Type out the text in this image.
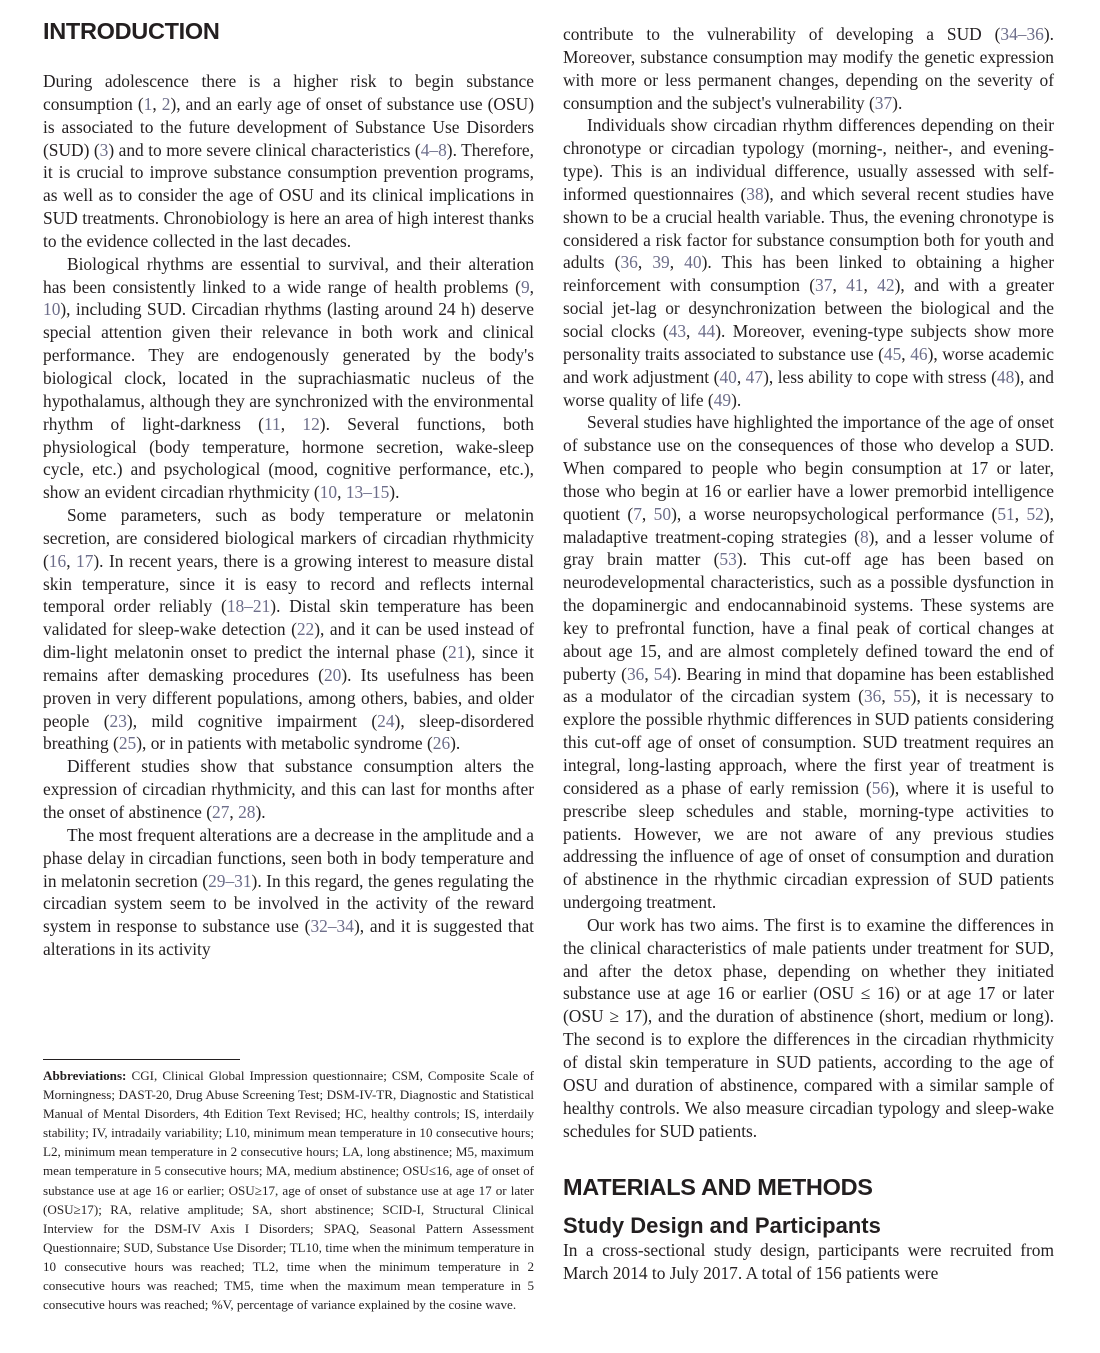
INTRODUCTION

During adolescence there is a higher risk to begin substance consumption (1, 2), and an early age of onset of substance use (OSU) is associated to the future development of Substance Use Disorders (SUD) (3) and to more severe clinical characteristics (4–8). Therefore, it is crucial to improve substance consumption prevention programs, as well as to consider the age of OSU and its clinical implications in SUD treatments. Chronobiology is here an area of high interest thanks to the evidence collected in the last decades.

Biological rhythms are essential to survival, and their alteration has been consistently linked to a wide range of health problems (9, 10), including SUD. Circadian rhythms (lasting around 24 h) deserve special attention given their relevance in both work and clinical performance. They are endogenously generated by the body's biological clock, located in the suprachiasmatic nucleus of the hypothalamus, although they are synchronized with the environmental rhythm of light-darkness (11, 12). Several functions, both physiological (body temperature, hormone secretion, wake-sleep cycle, etc.) and psychological (mood, cognitive performance, etc.), show an evident circadian rhythmicity (10, 13–15).

Some parameters, such as body temperature or melatonin secretion, are considered biological markers of circadian rhythmicity (16, 17). In recent years, there is a growing interest to measure distal skin temperature, since it is easy to record and reflects internal temporal order reliably (18–21). Distal skin temperature has been validated for sleep-wake detection (22), and it can be used instead of dim-light melatonin onset to predict the internal phase (21), since it remains after demasking procedures (20). Its usefulness has been proven in very different populations, among others, babies, and older people (23), mild cognitive impairment (24), sleep-disordered breathing (25), or in patients with metabolic syndrome (26).

Different studies show that substance consumption alters the expression of circadian rhythmicity, and this can last for months after the onset of abstinence (27, 28).

The most frequent alterations are a decrease in the amplitude and a phase delay in circadian functions, seen both in body temperature and in melatonin secretion (29–31). In this regard, the genes regulating the circadian system seem to be involved in the activity of the reward system in response to substance use (32–34), and it is suggested that alterations in its activity

Abbreviations: CGI, Clinical Global Impression questionnaire; CSM, Composite Scale of Morningness; DAST-20, Drug Abuse Screening Test; DSM-IV-TR, Diagnostic and Statistical Manual of Mental Disorders, 4th Edition Text Revised; HC, healthy controls; IS, interdaily stability; IV, intradaily variability; L10, minimum mean temperature in 10 consecutive hours; L2, minimum mean temperature in 2 consecutive hours; LA, long abstinence; M5, maximum mean temperature in 5 consecutive hours; MA, medium abstinence; OSU≤16, age of onset of substance use at age 16 or earlier; OSU≥17, age of onset of substance use at age 17 or later (OSU≥17); RA, relative amplitude; SA, short abstinence; SCID-I, Structural Clinical Interview for the DSM-IV Axis I Disorders; SPAQ, Seasonal Pattern Assessment Questionnaire; SUD, Substance Use Disorder; TL10, time when the minimum temperature in 10 consecutive hours was reached; TL2, time when the minimum temperature in 2 consecutive hours was reached; TM5, time when the maximum mean temperature in 5 consecutive hours was reached; %V, percentage of variance explained by the cosine wave.

contribute to the vulnerability of developing a SUD (34–36). Moreover, substance consumption may modify the genetic expression with more or less permanent changes, depending on the severity of consumption and the subject's vulnerability (37).

Individuals show circadian rhythm differences depending on their chronotype or circadian typology (morning-, neither-, and evening-type). This is an individual difference, usually assessed with self-informed questionnaires (38), and which several recent studies have shown to be a crucial health variable. Thus, the evening chronotype is considered a risk factor for substance consumption both for youth and adults (36, 39, 40). This has been linked to obtaining a higher reinforcement with consumption (37, 41, 42), and with a greater social jet-lag or desynchronization between the biological and the social clocks (43, 44). Moreover, evening-type subjects show more personality traits associated to substance use (45, 46), worse academic and work adjustment (40, 47), less ability to cope with stress (48), and worse quality of life (49).

Several studies have highlighted the importance of the age of onset of substance use on the consequences of those who develop a SUD. When compared to people who begin consumption at 17 or later, those who begin at 16 or earlier have a lower premorbid intelligence quotient (7, 50), a worse neuropsychological performance (51, 52), maladaptive treatment-coping strategies (8), and a lesser volume of gray brain matter (53). This cut-off age has been based on neurodevelopmental characteristics, such as a possible dysfunction in the dopaminergic and endocannabinoid systems. These systems are key to prefrontal function, have a final peak of cortical changes at about age 15, and are almost completely defined toward the end of puberty (36, 54). Bearing in mind that dopamine has been established as a modulator of the circadian system (36, 55), it is necessary to explore the possible rhythmic differences in SUD patients considering this cut-off age of onset of consumption. SUD treatment requires an integral, long-lasting approach, where the first year of treatment is considered as a phase of early remission (56), where it is useful to prescribe sleep schedules and stable, morning-type activities to patients. However, we are not aware of any previous studies addressing the influence of age of onset of consumption and duration of abstinence in the rhythmic circadian expression of SUD patients undergoing treatment.

Our work has two aims. The first is to examine the differences in the clinical characteristics of male patients under treatment for SUD, and after the detox phase, depending on whether they initiated substance use at age 16 or earlier (OSU ≤ 16) or at age 17 or later (OSU ≥ 17), and the duration of abstinence (short, medium or long). The second is to explore the differences in the circadian rhythmicity of distal skin temperature in SUD patients, according to the age of OSU and duration of abstinence, compared with a similar sample of healthy controls. We also measure circadian typology and sleep-wake schedules for SUD patients.

MATERIALS AND METHODS
Study Design and Participants

In a cross-sectional study design, participants were recruited from March 2014 to July 2017. A total of 156 patients were
